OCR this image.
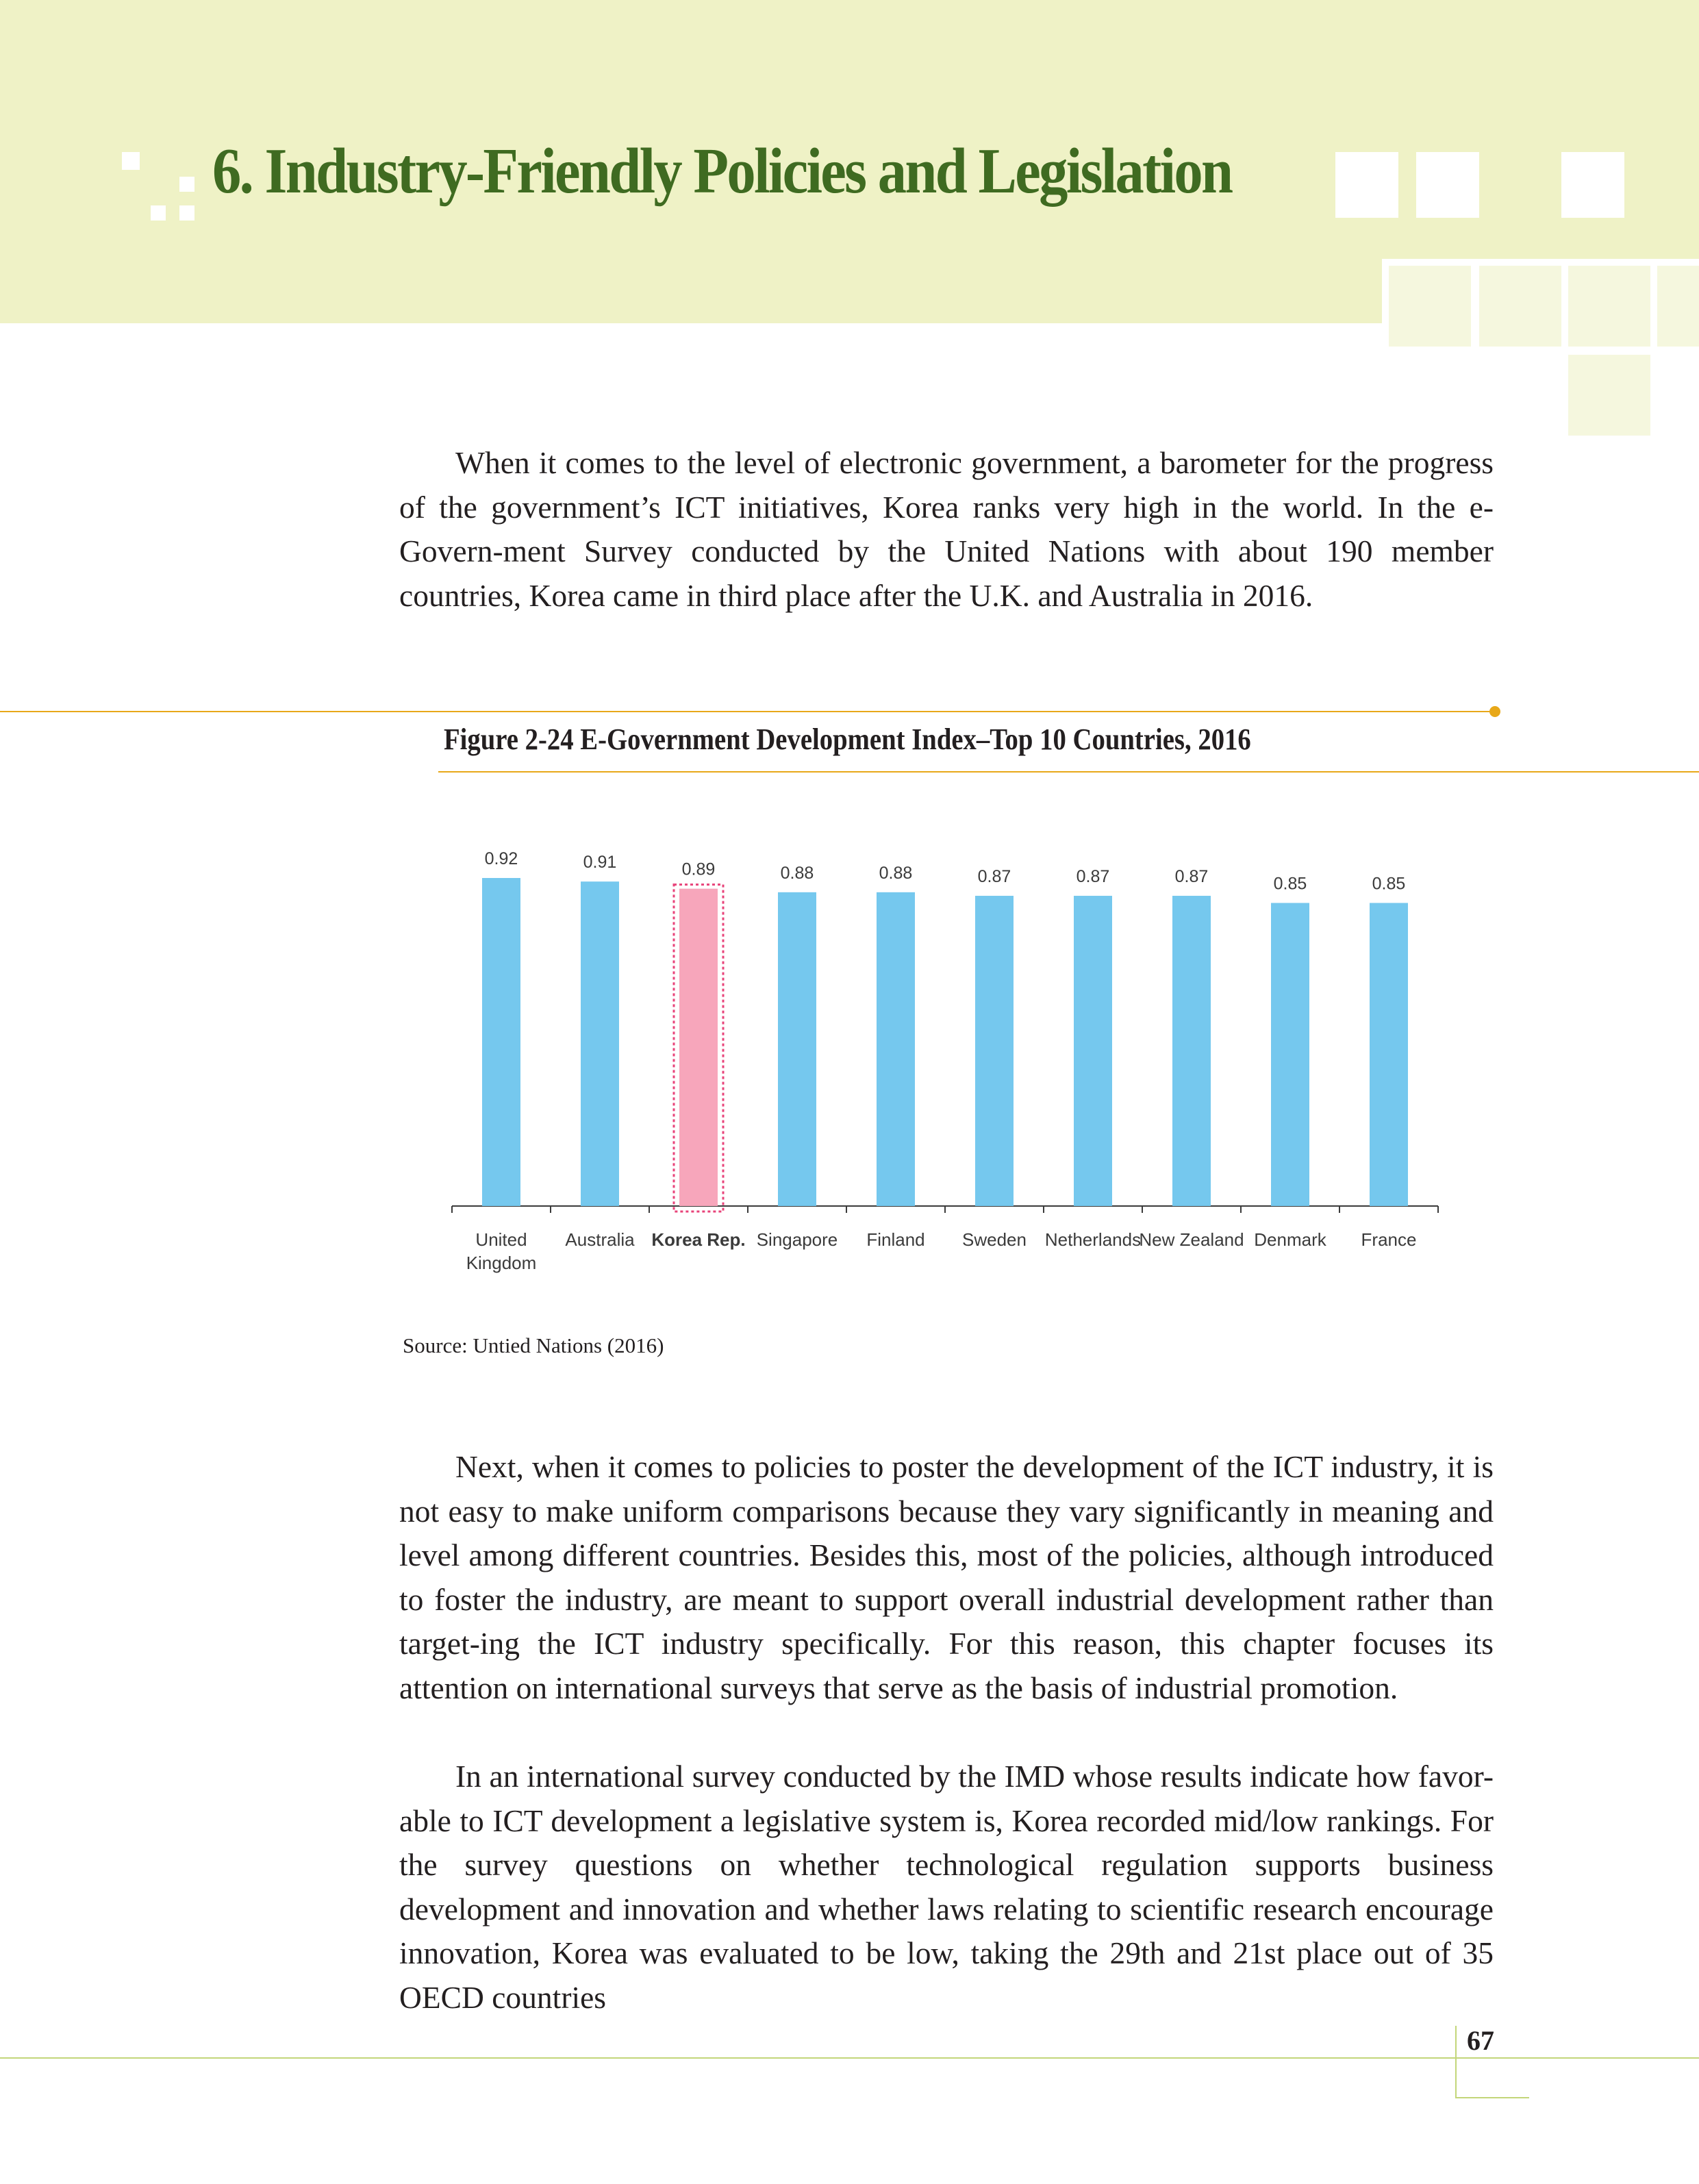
6. Industry-Friendly Policies and Legislation

When it comes to the level of electronic government, a barometer for the progress of the government’s ICT initiatives, Korea ranks very high in the world. In the e-Govern-ment Survey conducted by the United Nations with about 190 member countries, Korea came in third place after the U.K. and Australia in 2016.

Figure 2-24 E-Government Development Index–Top 10 Countries, 2016

0.92
United Kingdom
0.91
Australia
0.89
Korea Rep.
0.88
Singapore
0.88
Finland
0.87
Sweden
0.87
Netherlands
0.87
New Zealand
0.85
Denmark
0.85
France

Source: Untied Nations (2016)

Next, when it comes to policies to poster the development of the ICT industry, it is not easy to make uniform comparisons because they vary significantly in meaning and level among different countries. Besides this, most of the policies, although introduced to foster the industry, are meant to support overall industrial development rather than target-ing the ICT industry specifically. For this reason, this chapter focuses its attention on international surveys that serve as the basis of industrial promotion.

In an international survey conducted by the IMD whose results indicate how favor-able to ICT development a legislative system is, Korea recorded mid/low rankings. For the survey questions on whether technological regulation supports business development and innovation and whether laws relating to scientific research encourage innovation, Korea was evaluated to be low, taking the 29th and 21st place out of 35 OECD countries

67
